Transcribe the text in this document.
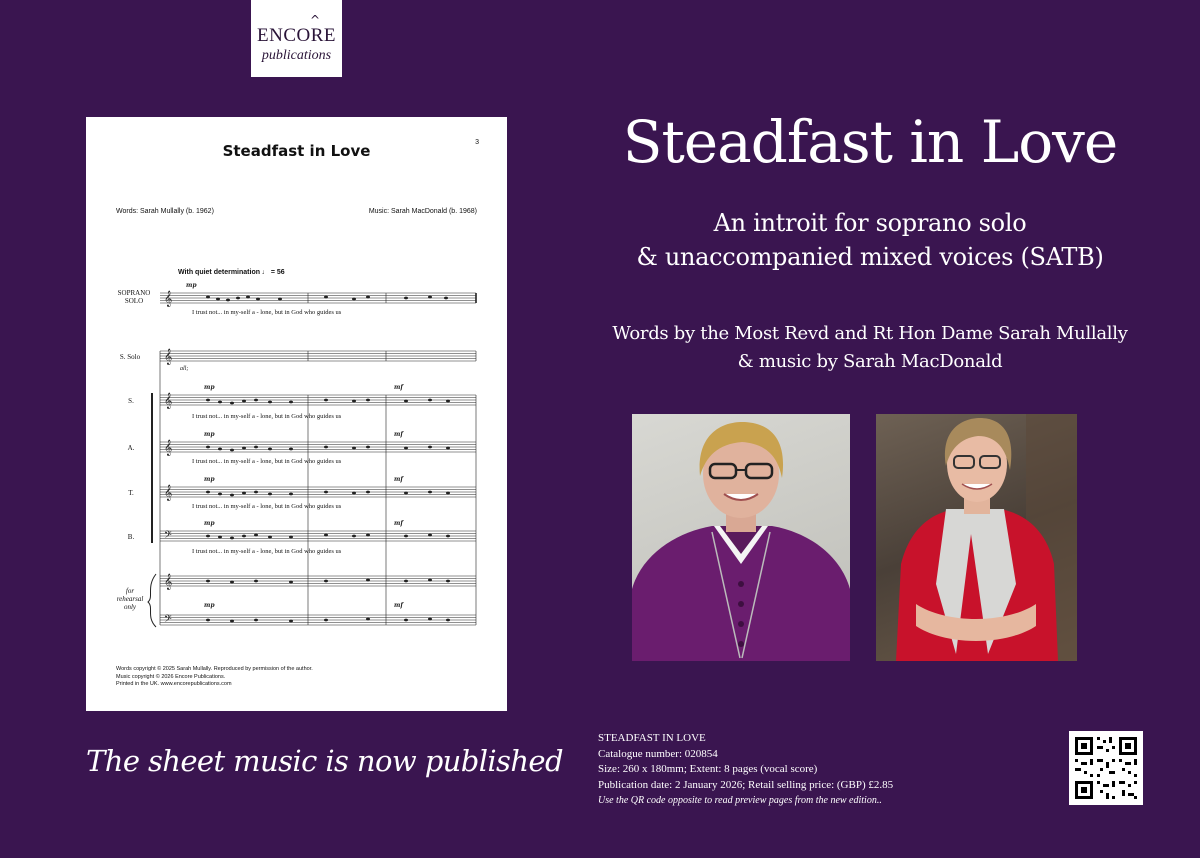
^
ENCORE
publications
𝄞
𝄞
𝄞
𝄞
𝄞
𝄢
𝄞
𝄢
mp
mp
mp
mp
mp
mp
mf
mf
mf
mf
mf
3
Steadfast in Love
Words: Sarah Mullally (b. 1962)	Music: Sarah MacDonald (b. 1968)
With quiet determination ♩ = 56
SOPRANO
SOLO
I trust not... in my-self a - lone, but in God who guides us
S. Solo
all;
S.
I trust not... in my-self a - lone, but in God who guides us
A.
I trust not... in my-self a - lone, but in God who guides us
T.
I trust not... in my-self a - lone, but in God who guides us
B.
I trust not... in my-self a - lone, but in God who guides us
for
rehearsal
only
Words copyright © 2025 Sarah Mullally. Reproduced by permission of the author.
Music copyright © 2026 Encore Publications.
Printed in the UK. www.encorepublications.com
The sheet music is now published
Steadfast in Love
An introit for soprano solo
& unaccompanied mixed voices (SATB)
Words by the Most Revd and Rt Hon Dame Sarah Mullally
& music by Sarah MacDonald
STEADFAST IN LOVE
Catalogue number: 020854
Size: 260 x 180mm; Extent: 8 pages (vocal score)
Publication date: 2 January 2026; Retail selling price: (GBP) £2.85
Use the QR code opposite to read preview pages from the new edition..
